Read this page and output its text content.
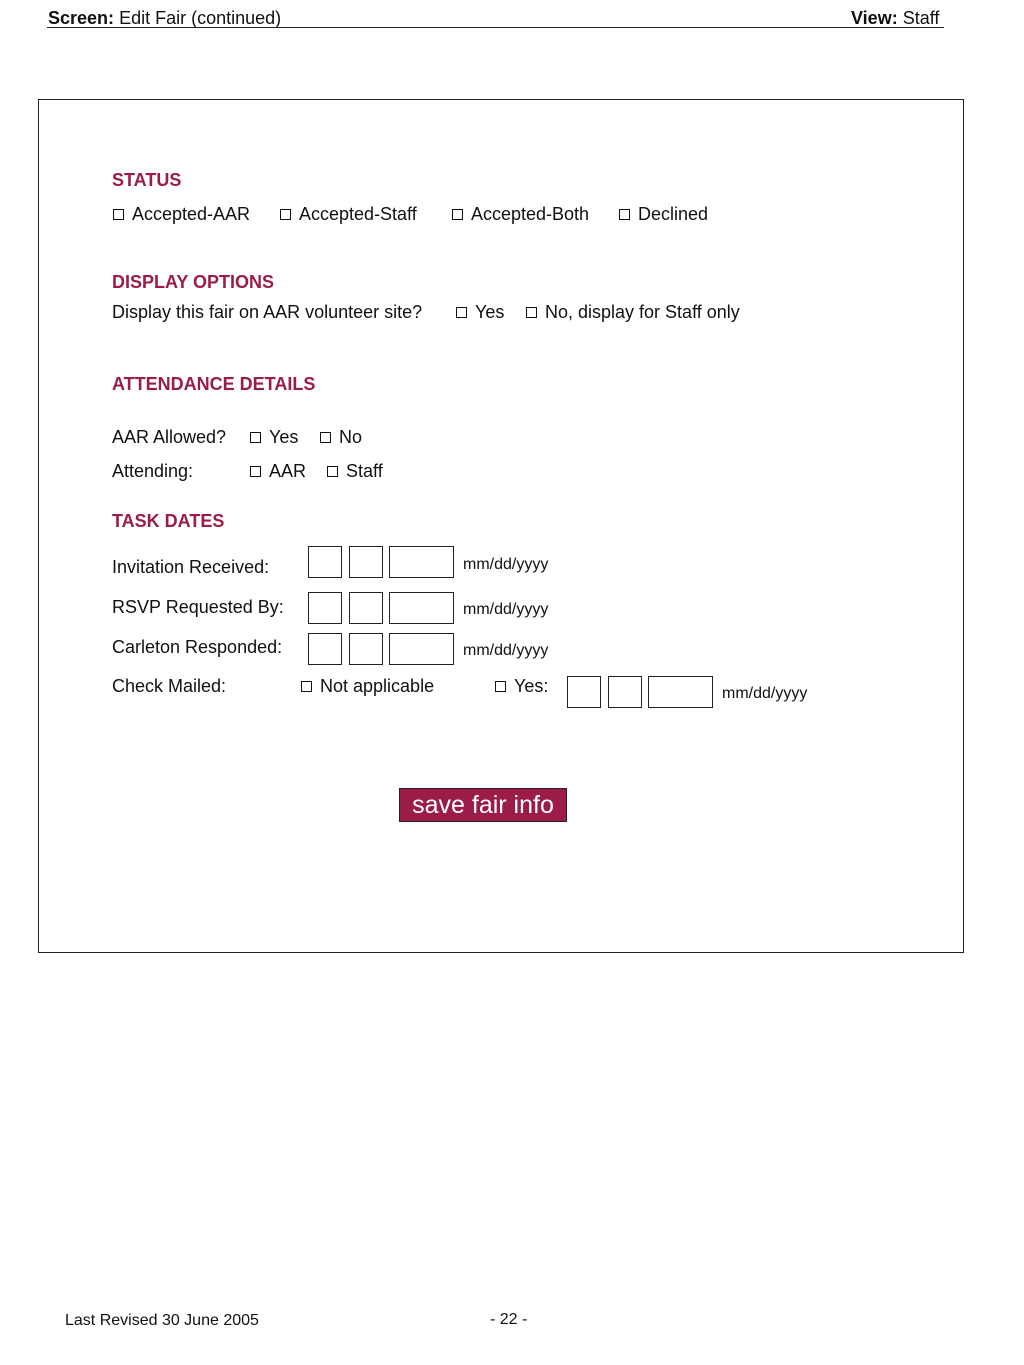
Screen: Edit Fair (continued)	View: Staff
STATUS
Accepted-AAR	Accepted-Staff	Accepted-Both	Declined
DISPLAY OPTIONS
Display this fair on AAR volunteer site?	Yes No, display for Staff only
ATTENDANCE DETAILS
AAR Allowed? Yes No
Attending:	AAR Staff
TASK DATES
Invitation Received:	mm/dd/yyyy
RSVP Requested By:	mm/dd/yyyy
Carleton Responded:	mm/dd/yyyy
Check Mailed:	Not applicable	Yes:	mm/dd/yyyy
save fair info
Last Revised 30 June 2005	- 22 -
